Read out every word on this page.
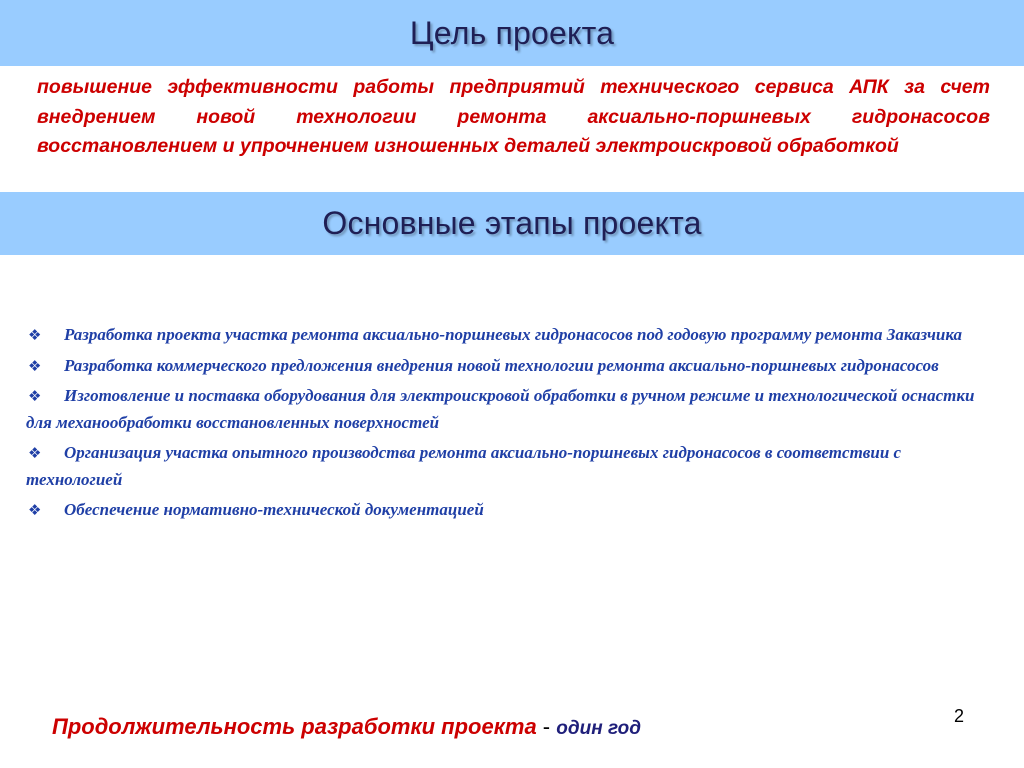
Цель проекта

повышение эффективности работы предприятий технического сервиса АПК за счет внедрением новой технологии ремонта аксиально-поршневых гидронасосов восстановлением и упрочнением изношенных деталей электроискровой обработкой

Основные этапы проекта
❖ Разработка проекта участка ремонта аксиально-поршневых гидронасосов под годовую программу ремонта Заказчика
❖ Разработка коммерческого предложения внедрения новой технологии ремонта аксиально-поршневых гидронасосов
❖ Изготовление и поставка оборудования для электроискровой обработки в ручном режиме и технологической оснастки для механообработки восстановленных поверхностей
❖ Организация участка опытного производства ремонта аксиально-поршневых гидронасосов в соответствии с технологией
❖ Обеспечение нормативно-технической документацией
2

Продолжительность разработки проекта - один год
